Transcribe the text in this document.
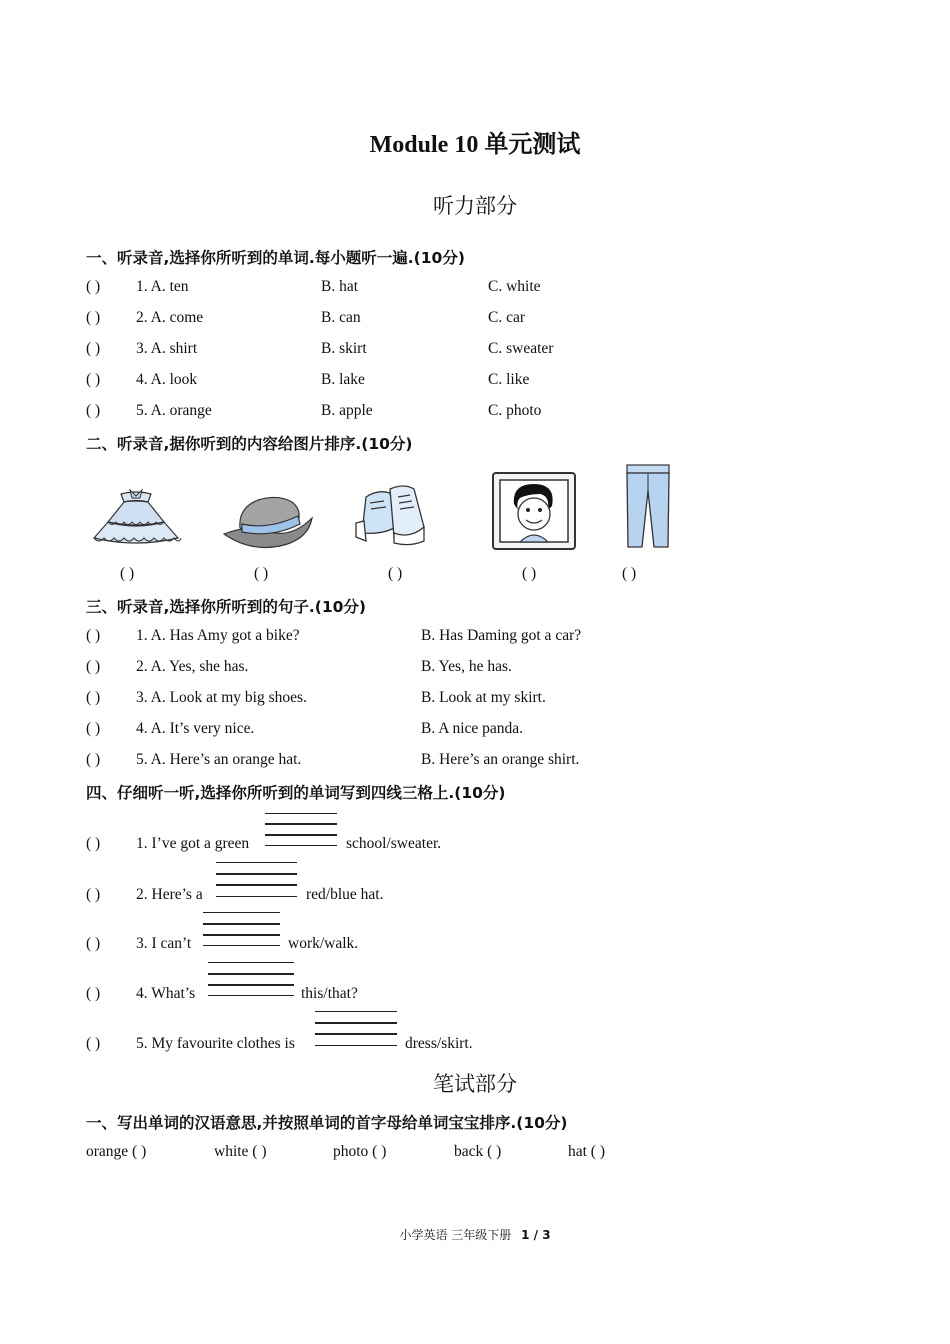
Module 10 单元测试
听力部分
一、听录音,选择你所听到的单词.每小题听一遍.(10分)
( ) 1. A. ten	B. hat	C. white
( ) 2. A. come	B. can	C. car
( ) 3. A. shirt	B. skirt	C. sweater
( ) 4. A. look	B. lake	C. like
( ) 5. A. orange	B. apple	C. photo
二、听录音,据你听到的内容给图片排序.(10分)
( )	( )	( )	( )	( )
三、听录音,选择你所听到的句子.(10分)
( ) 1. A. Has Amy got a bike?	B. Has Daming got a car?
( ) 2. A. Yes, she has.	B. Yes, he has.
( ) 3. A. Look at my big shoes.	B. Look at my skirt.
( ) 4. A. It’s very nice.	B. A nice panda.
( ) 5. A. Here’s an orange hat.	B. Here’s an orange shirt.
四、仔细听一听,选择你所听到的单词写到四线三格上.(10分)
( ) 1. I’ve got a green	school/sweater.
( ) 2. Here’s a	red/blue hat.
( ) 3. I can’t	work/walk.
( ) 4. What’s	this/that?
( ) 5. My favourite clothes is	dress/skirt.
笔试部分
一、写出单词的汉语意思,并按照单词的首字母给单词宝宝排序.(10分)
orange ( )	white ( )	photo ( )	back ( )	hat ( )
小学英语 三年级下册 1 / 3
